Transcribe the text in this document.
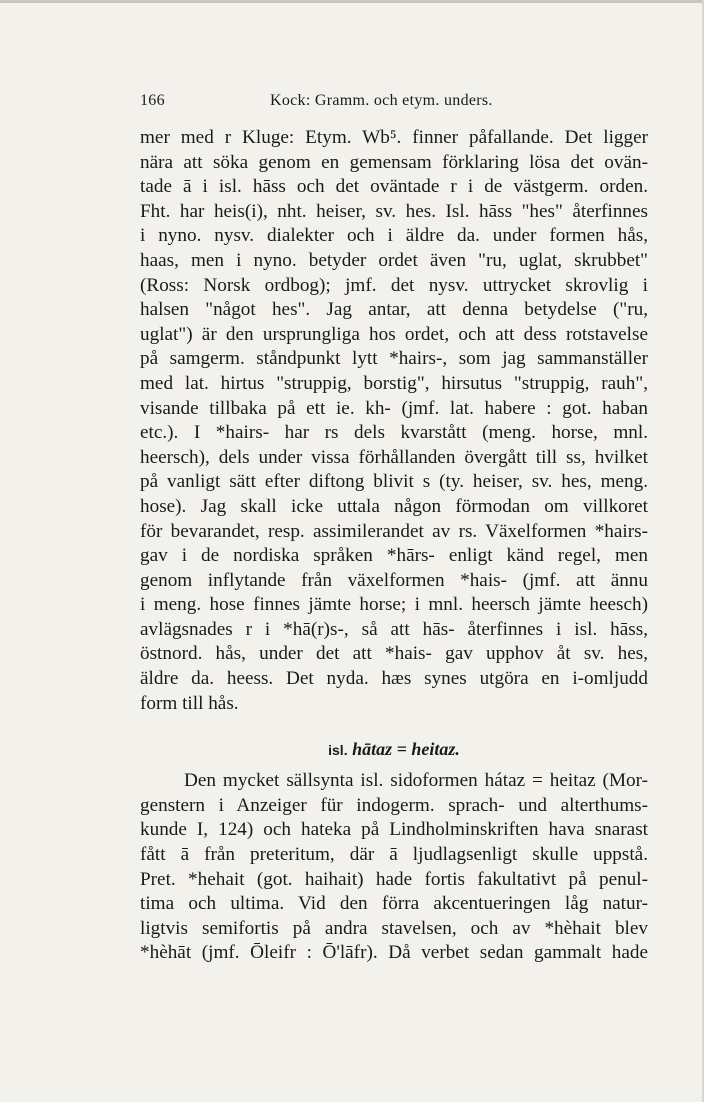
166	Kock: Gramm. och etym. unders.
mer med r Kluge: Etym. Wb⁵. finner påfallande. Det ligger
nära att söka genom en gemensam förklaring lösa det ovän-
tade ā i isl. hāss och det oväntade r i de västgerm. orden.
Fht. har heis(i), nht. heiser, sv. hes. Isl. hāss "hes" återfinnes
i nyno. nysv. dialekter och i äldre da. under formen hås,
haas, men i nyno. betyder ordet även "ru, uglat, skrubbet"
(Ross: Norsk ordbog); jmf. det nysv. uttrycket skrovlig i
halsen "något hes". Jag antar, att denna betydelse ("ru,
uglat") är den ursprungliga hos ordet, och att dess rotstavelse
på samgerm. ståndpunkt lytt *hairs-, som jag sammanställer
med lat. hirtus "struppig, borstig", hirsutus "struppig, rauh",
visande tillbaka på ett ie. kh- (jmf. lat. habere : got. haban
etc.). I *hairs- har rs dels kvarstått (meng. horse, mnl.
heersch), dels under vissa förhållanden övergått till ss, hvilket
på vanligt sätt efter diftong blivit s (ty. heiser, sv. hes, meng.
hose). Jag skall icke uttala någon förmodan om villkoret
för bevarandet, resp. assimilerandet av rs. Växelformen *hairs-
gav i de nordiska språken *hārs- enligt känd regel, men
genom inflytande från växelformen *hais- (jmf. att ännu
i meng. hose finnes jämte horse; i mnl. heersch jämte heesch)
avlägsnades r i *hā(r)s-, så att hās- återfinnes i isl. hāss,
östnord. hås, under det att *hais- gav upphov åt sv. hes,
äldre da. heess. Det nyda. hæs synes utgöra en i-omljudd
form till hås.
isl. hātaz = heitaz.
Den mycket sällsynta isl. sidoformen hátaz = heitaz (Mor-
genstern i Anzeiger für indogerm. sprach- und alterthums-
kunde I, 124) och hateka på Lindholminskriften hava snarast
fått ā från preteritum, där ā ljudlagsenligt skulle uppstå.
Pret. *hehait (got. haihait) hade fortis fakultativt på penul-
tima och ultima. Vid den förra akcentueringen låg natur-
ligtvis semifortis på andra stavelsen, och av *hèhait blev
*hèhāt (jmf. Ōleifr : Ō'lāfr). Då verbet sedan gammalt hade
